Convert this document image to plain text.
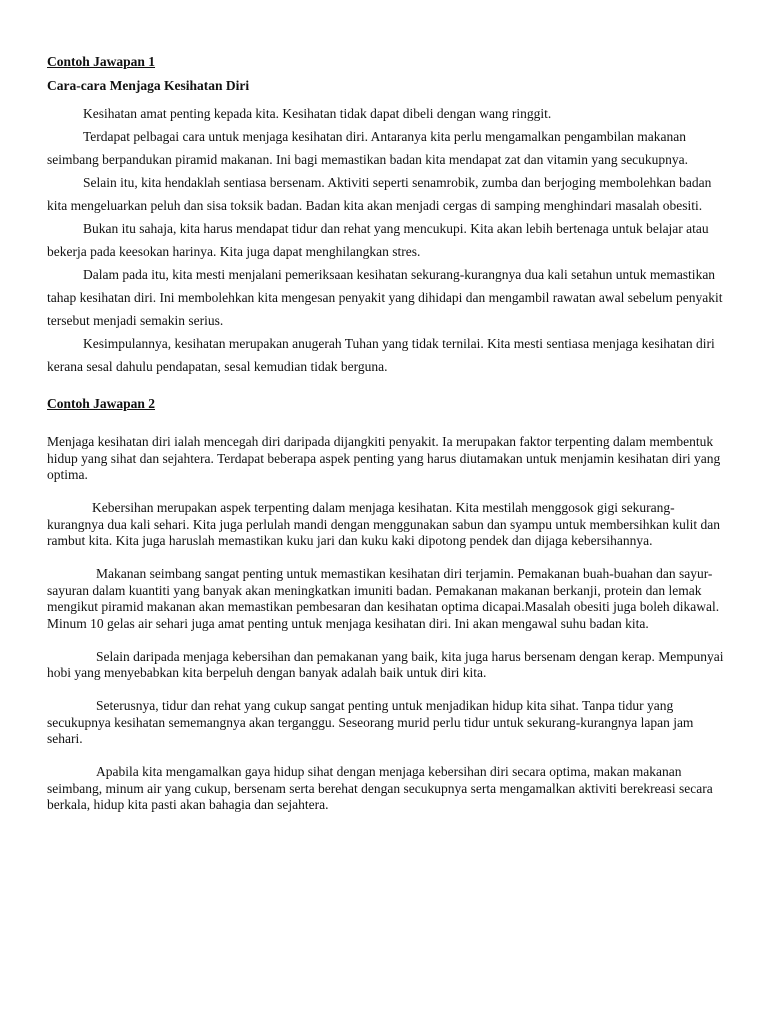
Contoh Jawapan 1

Cara-cara Menjaga Kesihatan Diri

Kesihatan amat penting kepada kita. Kesihatan tidak dapat dibeli dengan wang ringgit.

Terdapat pelbagai cara untuk menjaga kesihatan diri. Antaranya kita perlu mengamalkan pengambilan makanan seimbang berpandukan piramid makanan. Ini bagi memastikan badan kita mendapat zat dan vitamin yang secukupnya.

Selain itu, kita hendaklah sentiasa bersenam. Aktiviti seperti senamrobik, zumba dan berjoging membolehkan badan kita mengeluarkan peluh dan sisa toksik badan. Badan kita akan menjadi cergas di samping menghindari masalah obesiti.

Bukan itu sahaja, kita harus mendapat tidur dan rehat yang mencukupi. Kita akan lebih bertenaga untuk belajar atau bekerja pada keesokan harinya. Kita juga dapat menghilangkan stres.

Dalam pada itu, kita mesti menjalani pemeriksaan kesihatan sekurang-kurangnya dua kali setahun untuk memastikan tahap kesihatan diri. Ini membolehkan kita mengesan penyakit yang dihidapi dan mengambil rawatan awal sebelum penyakit tersebut menjadi semakin serius.

Kesimpulannya, kesihatan merupakan anugerah Tuhan yang tidak ternilai. Kita mesti sentiasa menjaga kesihatan diri kerana sesal dahulu pendapatan, sesal kemudian tidak berguna.

Contoh Jawapan 2

Menjaga kesihatan diri ialah mencegah diri daripada dijangkiti penyakit. Ia merupakan faktor terpenting dalam membentuk hidup yang sihat dan sejahtera. Terdapat beberapa aspek penting yang harus diutamakan untuk menjamin kesihatan diri yang optima.

Kebersihan merupakan aspek terpenting dalam menjaga kesihatan. Kita mestilah menggosok gigi sekurang-kurangnya dua kali sehari. Kita juga perlulah mandi dengan menggunakan sabun dan syampu untuk membersihkan kulit dan rambut kita. Kita juga haruslah memastikan kuku jari dan kuku kaki dipotong pendek dan dijaga kebersihannya.

Makanan seimbang sangat penting untuk memastikan kesihatan diri terjamin. Pemakanan buah-buahan dan sayur-sayuran dalam kuantiti yang banyak akan meningkatkan imuniti badan. Pemakanan makanan berkanji, protein dan lemak mengikut piramid makanan akan memastikan pembesaran dan kesihatan optima dicapai.Masalah obesiti juga boleh dikawal. Minum 10 gelas air sehari juga amat penting untuk menjaga kesihatan diri. Ini akan mengawal suhu badan kita.

Selain daripada menjaga kebersihan dan pemakanan yang baik, kita juga harus bersenam dengan kerap. Mempunyai hobi yang menyebabkan kita berpeluh dengan banyak adalah baik untuk diri kita.

Seterusnya, tidur dan rehat yang cukup sangat penting untuk menjadikan hidup kita sihat. Tanpa tidur yang secukupnya kesihatan sememangnya akan terganggu. Seseorang murid perlu tidur untuk sekurang-kurangnya lapan jam sehari.

Apabila kita mengamalkan gaya hidup sihat dengan menjaga kebersihan diri secara optima, makan makanan seimbang, minum air yang cukup, bersenam serta berehat dengan secukupnya serta mengamalkan aktiviti berekreasi secara berkala, hidup kita pasti akan bahagia dan sejahtera.
